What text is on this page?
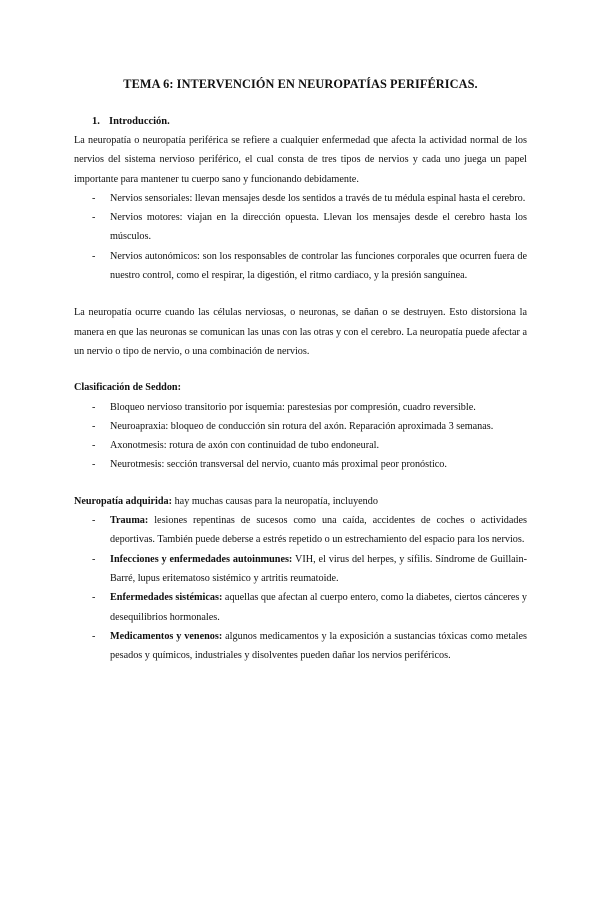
TEMA 6: INTERVENCIÓN EN NEUROPATÍAS PERIFÉRICAS.
1. Introducción.

La neuropatía o neuropatía periférica se refiere a cualquier enfermedad que afecta la actividad normal de los nervios del sistema nervioso periférico, el cual consta de tres tipos de nervios y cada uno juega un papel importante para mantener tu cuerpo sano y funcionando debidamente.

- Nervios sensoriales: llevan mensajes desde los sentidos a través de tu médula espinal hasta el cerebro.
- Nervios motores: viajan en la dirección opuesta. Llevan los mensajes desde el cerebro hasta los músculos.
- Nervios autonómicos: son los responsables de controlar las funciones corporales que ocurren fuera de nuestro control, como el respirar, la digestión, el ritmo cardiaco, y la presión sanguínea.

La neuropatía ocurre cuando las células nerviosas, o neuronas, se dañan o se destruyen. Esto distorsiona la manera en que las neuronas se comunican las unas con las otras y con el cerebro. La neuropatía puede afectar a un nervio o tipo de nervio, o una combinación de nervios.

Clasificación de Seddon:

- Bloqueo nervioso transitorio por isquemia: parestesias por compresión, cuadro reversible.
- Neuroapraxia: bloqueo de conducción sin rotura del axón. Reparación aproximada 3 semanas.
- Axonotmesis: rotura de axón con continuidad de tubo endoneural.
- Neurotmesis: sección transversal del nervio, cuanto más proximal peor pronóstico.

Neuropatía adquirida: hay muchas causas para la neuropatía, incluyendo

- Trauma: lesiones repentinas de sucesos como una caída, accidentes de coches o actividades deportivas. También puede deberse a estrés repetido o un estrechamiento del espacio para los nervios.
- Infecciones y enfermedades autoinmunes: VIH, el virus del herpes, y sífilis. Síndrome de Guillain-Barré, lupus eritematoso sistémico y artritis reumatoide.
- Enfermedades sistémicas: aquellas que afectan al cuerpo entero, como la diabetes, ciertos cánceres y desequilibrios hormonales.
- Medicamentos y venenos: algunos medicamentos y la exposición a sustancias tóxicas como metales pesados y químicos, industriales y disolventes pueden dañar los nervios periféricos.
